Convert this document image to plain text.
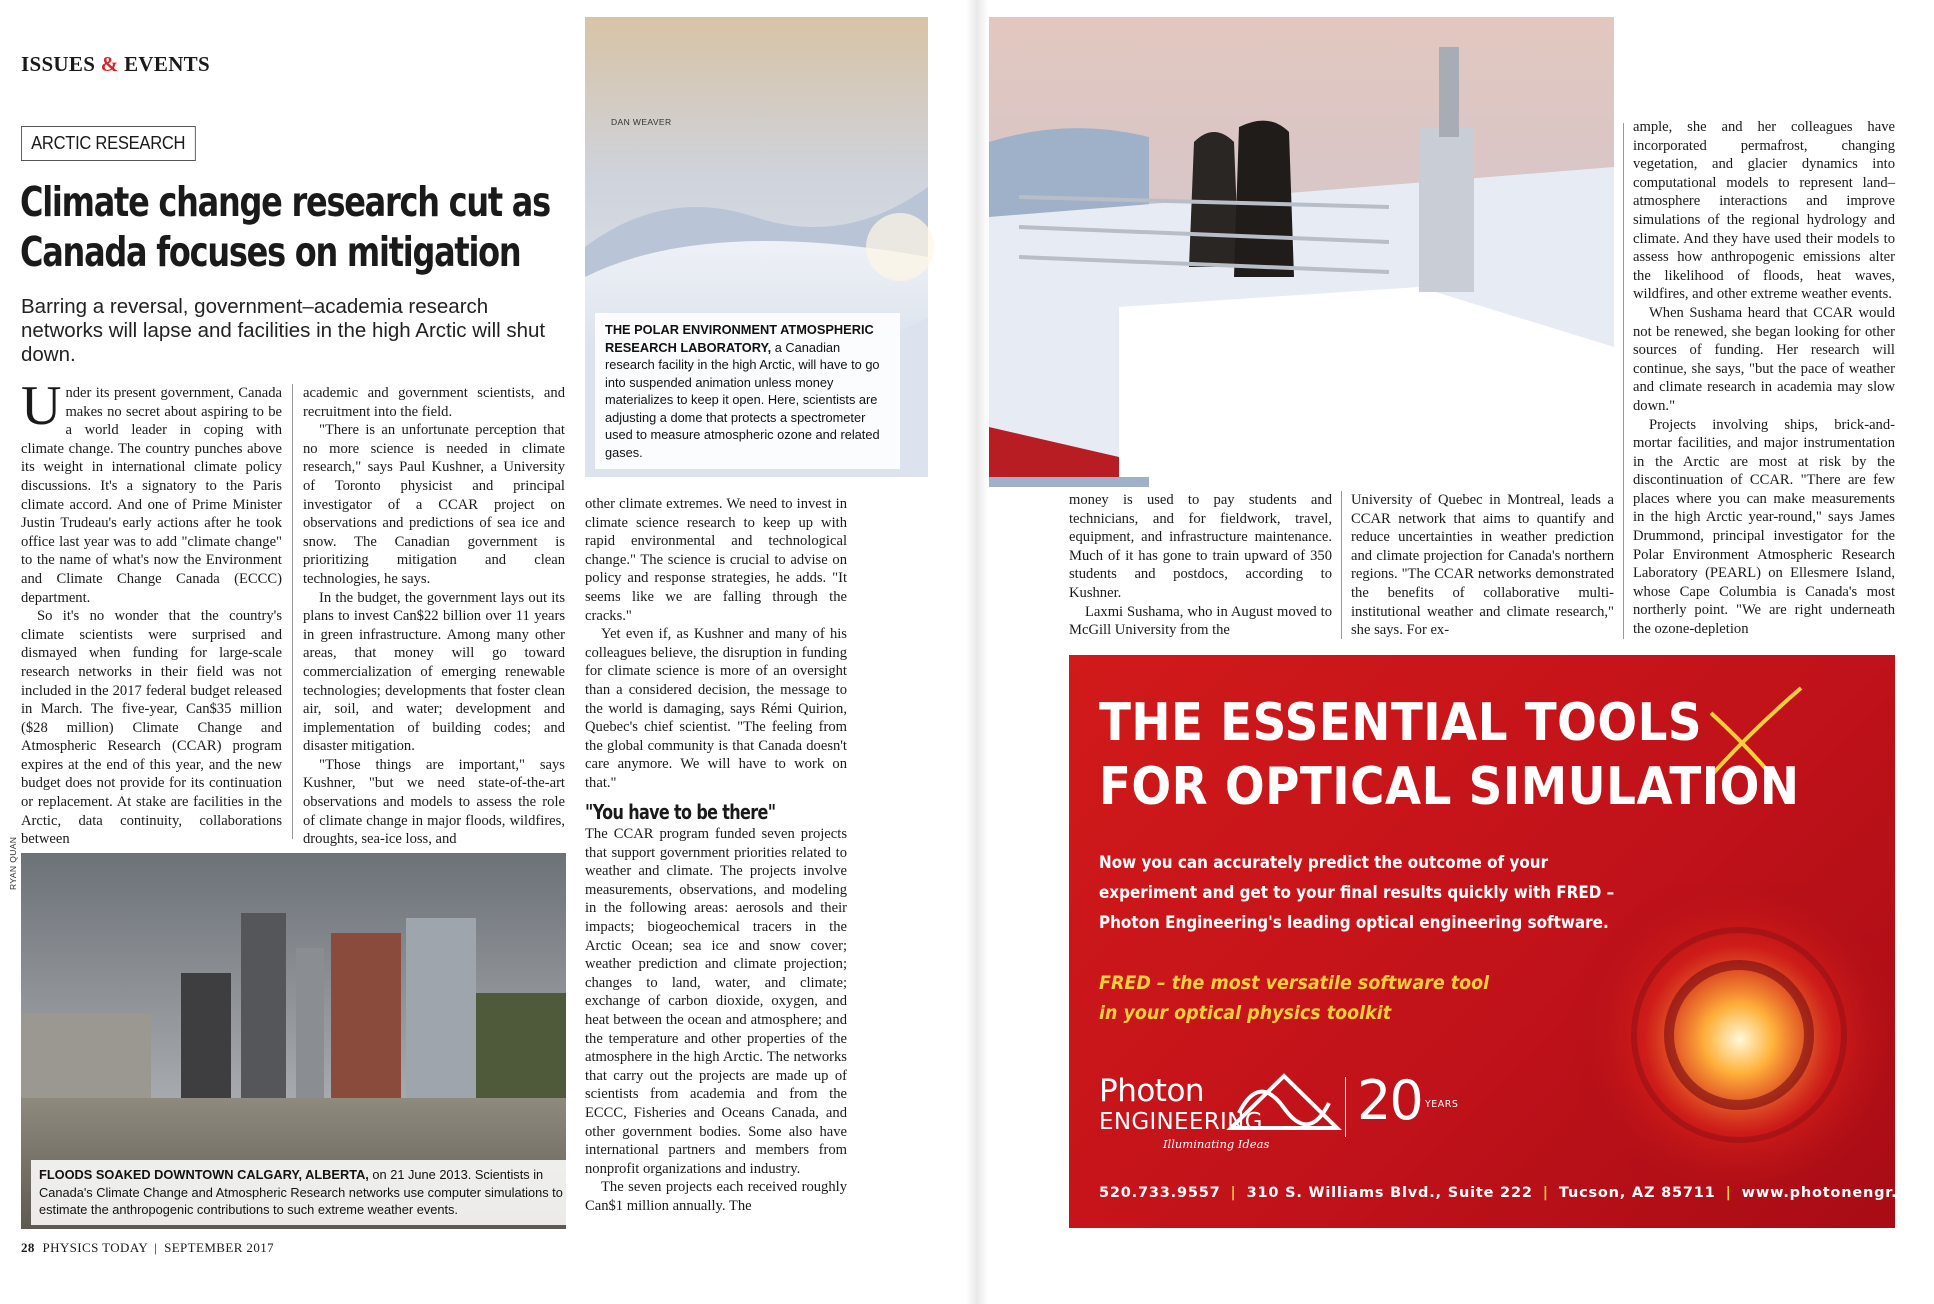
ISSUES & EVENTS
ARCTIC RESEARCH
Climate change research cut as Canada focuses on mitigation
Barring a reversal, government–academia research networks will lapse and facilities in the high Arctic will shut down.

Under its present government, Canada makes no secret about aspiring to be a world leader in coping with climate change. The country punches above its weight in international climate policy discussions. It's a signatory to the Paris climate accord. And one of Prime Minister Justin Trudeau's early actions after he took office last year was to add "climate change" to the name of what's now the Environment and Climate Change Canada (ECCC) department.

So it's no wonder that the country's climate scientists were surprised and dismayed when funding for large-scale research networks in their field was not included in the 2017 federal budget released in March. The five-year, Can$35 million ($28 million) Climate Change and Atmospheric Research (CCAR) program expires at the end of this year, and the new budget does not provide for its continuation or replacement. At stake are facilities in the Arctic, data continuity, collaborations between

academic and government scientists, and recruitment into the field.

"There is an unfortunate perception that no more science is needed in climate research," says Paul Kushner, a University of Toronto physicist and principal investigator of a CCAR project on observations and predictions of sea ice and snow. The Canadian government is prioritizing mitigation and clean technologies, he says.

In the budget, the government lays out its plans to invest Can$22 billion over 11 years in green infrastructure. Among many other areas, that money will go toward commercialization of emerging renewable technologies; developments that foster clean air, soil, and water; development and implementation of building codes; and disaster mitigation.

"Those things are important," says Kushner, "but we need state-of-the-art observations and models to assess the role of climate change in major floods, wildfires, droughts, sea-ice loss, and

DAN WEAVER
THE POLAR ENVIRONMENT ATMOSPHERIC RESEARCH LABORATORY, a Canadian research facility in the high Arctic, will have to go into suspended animation unless money materializes to keep it open. Here, scientists are adjusting a dome that protects a spectrometer used to measure atmospheric ozone and related gases.

other climate extremes. We need to invest in climate science research to keep up with rapid environmental and technological change." The science is crucial to advise on policy and response strategies, he adds. "It seems like we are falling through the cracks."

Yet even if, as Kushner and many of his colleagues believe, the disruption in funding for climate science is more of an oversight than a considered decision, the message to the world is damaging, says Rémi Quirion, Quebec's chief scientist. "The feeling from the global community is that Canada doesn't care anymore. We will have to work on that."

"You have to be there"

The CCAR program funded seven projects that support government priorities related to weather and climate. The projects involve measurements, observations, and modeling in the following areas: aerosols and their impacts; biogeochemical tracers in the Arctic Ocean; sea ice and snow cover; weather prediction and climate projection; changes to land, water, and climate; exchange of carbon dioxide, oxygen, and heat between the ocean and atmosphere; and the temperature and other properties of the atmosphere in the high Arctic. The networks that carry out the projects are made up of scientists from academia and from the ECCC, Fisheries and Oceans Canada, and other government bodies. Some also have international partners and members from nonprofit organizations and industry.

The seven projects each received roughly Can$1 million annually. The

RYAN QUAN
FLOODS SOAKED DOWNTOWN CALGARY, ALBERTA, on 21 June 2013. Scientists in Canada's Climate Change and Atmospheric Research networks use computer simulations to estimate the anthropogenic contributions to such extreme weather events.

money is used to pay students and technicians, and for fieldwork, travel, equipment, and infrastructure maintenance. Much of it has gone to train upward of 350 students and postdocs, according to Kushner.

Laxmi Sushama, who in August moved to McGill University from the

University of Quebec in Montreal, leads a CCAR network that aims to quantify and reduce uncertainties in weather prediction and climate projection for Canada's northern regions. "The CCAR networks demonstrated the benefits of collaborative multi-institutional weather and climate research," she says. For ex-

ample, she and her colleagues have incorporated permafrost, changing vegetation, and glacier dynamics into computational models to represent land–atmosphere interactions and improve simulations of the regional hydrology and climate. And they have used their models to assess how anthropogenic emissions alter the likelihood of floods, heat waves, wildfires, and other extreme weather events.

When Sushama heard that CCAR would not be renewed, she began looking for other sources of funding. Her research will continue, she says, "but the pace of weather and climate research in academia may slow down."

Projects involving ships, brick-and-mortar facilities, and major instrumentation in the Arctic are most at risk by the discontinuation of CCAR. "There are few places where you can make measurements in the high Arctic year-round," says James Drummond, principal investigator for the Polar Environment Atmospheric Research Laboratory (PEARL) on Ellesmere Island, whose Cape Columbia is Canada's most northerly point. "We are right underneath the ozone-depletion

THE ESSENTIAL TOOLS
FOR OPTICAL SIMULATION
Now you can accurately predict the outcome of your
experiment and get to your final results quickly with FRED –
Photon Engineering's leading optical engineering software.
FRED – the most versatile software tool
in your optical physics toolkit
Photon
ENGINEERING
Illuminating Ideas
20 YEARS
520.733.9557 | 310 S. Williams Blvd., Suite 222 | Tucson, AZ 85711 | www.photonengr.com
28 PHYSICS TODAY | SEPTEMBER 2017
